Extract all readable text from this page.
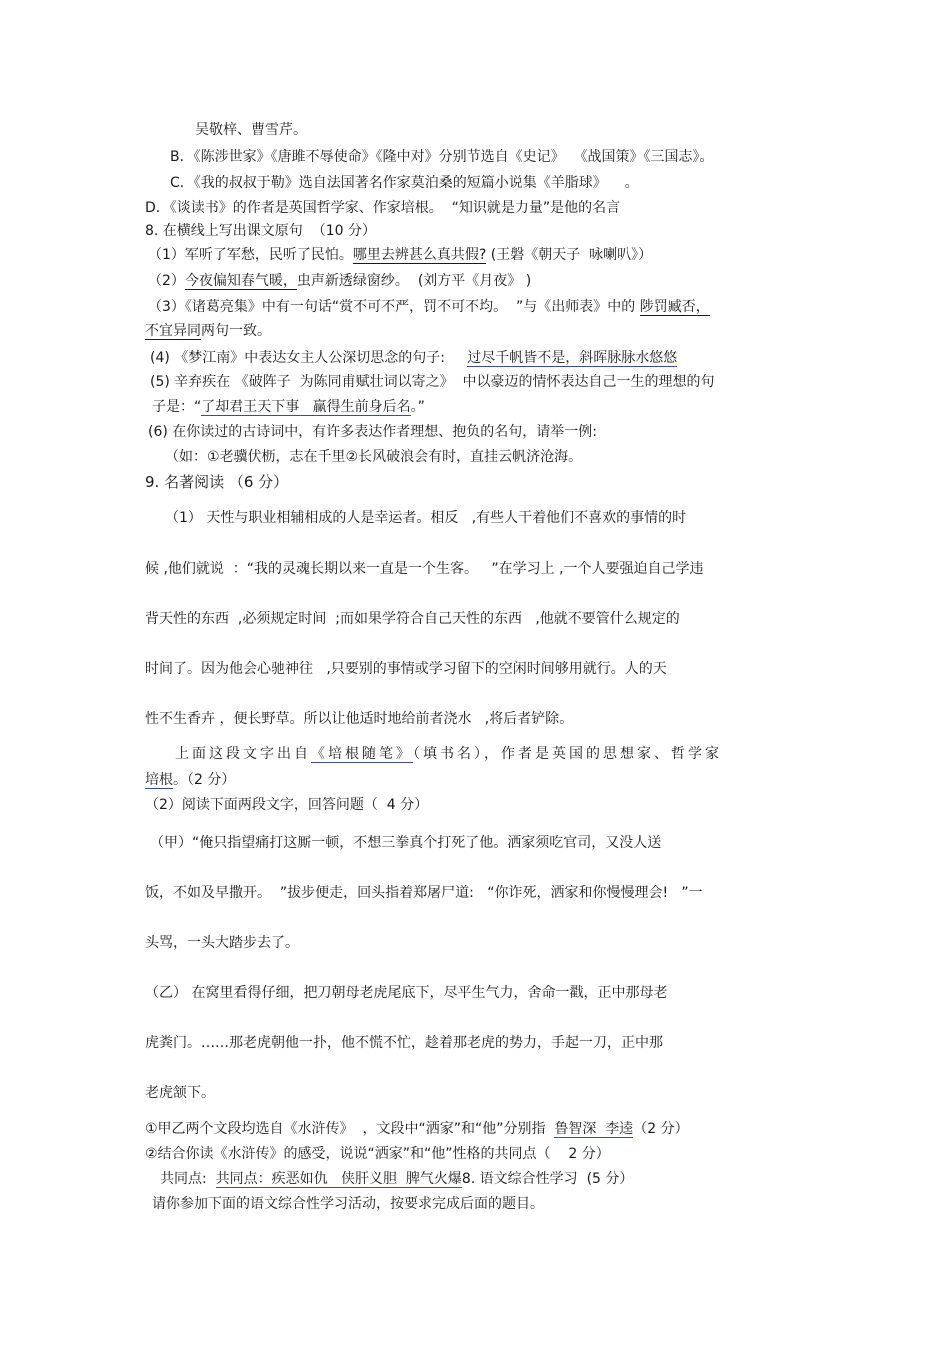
吴敬梓、曹雪芹。
B．《陈涉世家》《唐雎不辱使命》《隆中对》分别节选自《史记》  《战国策》《三国志》。
C．《我的叔叔于勒》选自法国著名作家莫泊桑的短篇小说集《羊脂球》    。
D．《谈读书》的作者是英国哲学家、作家培根。  “知识就是力量”是他的名言
8. 在横线上写出课文原句  （10 分）
（1）军听了军愁，民听了民怕。哪里去辨甚么真共假? (王磐《朝天子  咏喇叭》）
（2）今夜偏知春气暖，虫声新透绿窗纱。  (刘方平《月夜》 )
（3）《诸葛亮集》中有一句话“赏不可不严，罚不可不均。  ”与《出师表》中的 陟罚臧否，
不宜异同两句一致。
(4) 《梦江南》中表达女主人公深切思念的句子: 过尽千帆皆不是，斜晖脉脉水悠悠
(5) 辛弃疾在 《破阵子  为陈同甫赋壮词以寄之》  中以豪迈的情怀表达自己一生的理想的句
子是：“了却君王天下事   赢得生前身后名。”
(6) 在你读过的古诗词中，有许多表达作者理想、抱负的名句，请举一例:
（如：①老骥伏枥，志在千里②长风破浪会有时，直挂云帆济沧海。
9. 名著阅读 （6 分）
（1） 天性与职业相辅相成的人是幸运者。相反   ,有些人干着他们不喜欢的事情的时
候 ,他们就说  ：“我的灵魂长期以来一直是一个生客。   ”在学习上 ,一个人要强迫自己学违
背天性的东西  ,必须规定时间  ;而如果学符合自己天性的东西   ,他就不要管什么规定的
时间了。因为他会心驰神往   ,只要别的事情或学习留下的空闲时间够用就行。人的天
性不生香卉 ，便长野草。所以让他适时地给前者浇水   ,将后者铲除。
上面这段文字出自《培根随笔》（填书名），作者是英国的思想家、哲学家
培根。（2 分）
（2）阅读下面两段文字，回答问题（  4 分）
（甲）“俺只指望痛打这厮一顿，不想三拳真个打死了他。洒家须吃官司，又没人送
饭，不如及早撒开。  ”拔步便走，回头指着郑屠尸道:   “你诈死，洒家和你慢慢理会!   ”一
头骂，一头大踏步去了。
（乙） 在窝里看得仔细，把刀朝母老虎尾底下，尽平生气力，舍命一戳，正中那母老
虎粪门。……那老虎朝他一扑，他不慌不忙，趁着那老虎的势力，手起一刀，正中那
老虎颔下。
①甲乙两个文段均选自《水浒传》  ，文段中“洒家”和“他”分别指 鲁智深  李逵（2 分）
②结合你读《水浒传》的感受，说说“洒家”和“他”性格的共同点（    2 分）
共同点:  共同点：疾恶如仇   侠肝义胆  脾气火爆8. 语文综合性学习  (5 分）
请你参加下面的语文综合性学习活动，按要求完成后面的题目。
